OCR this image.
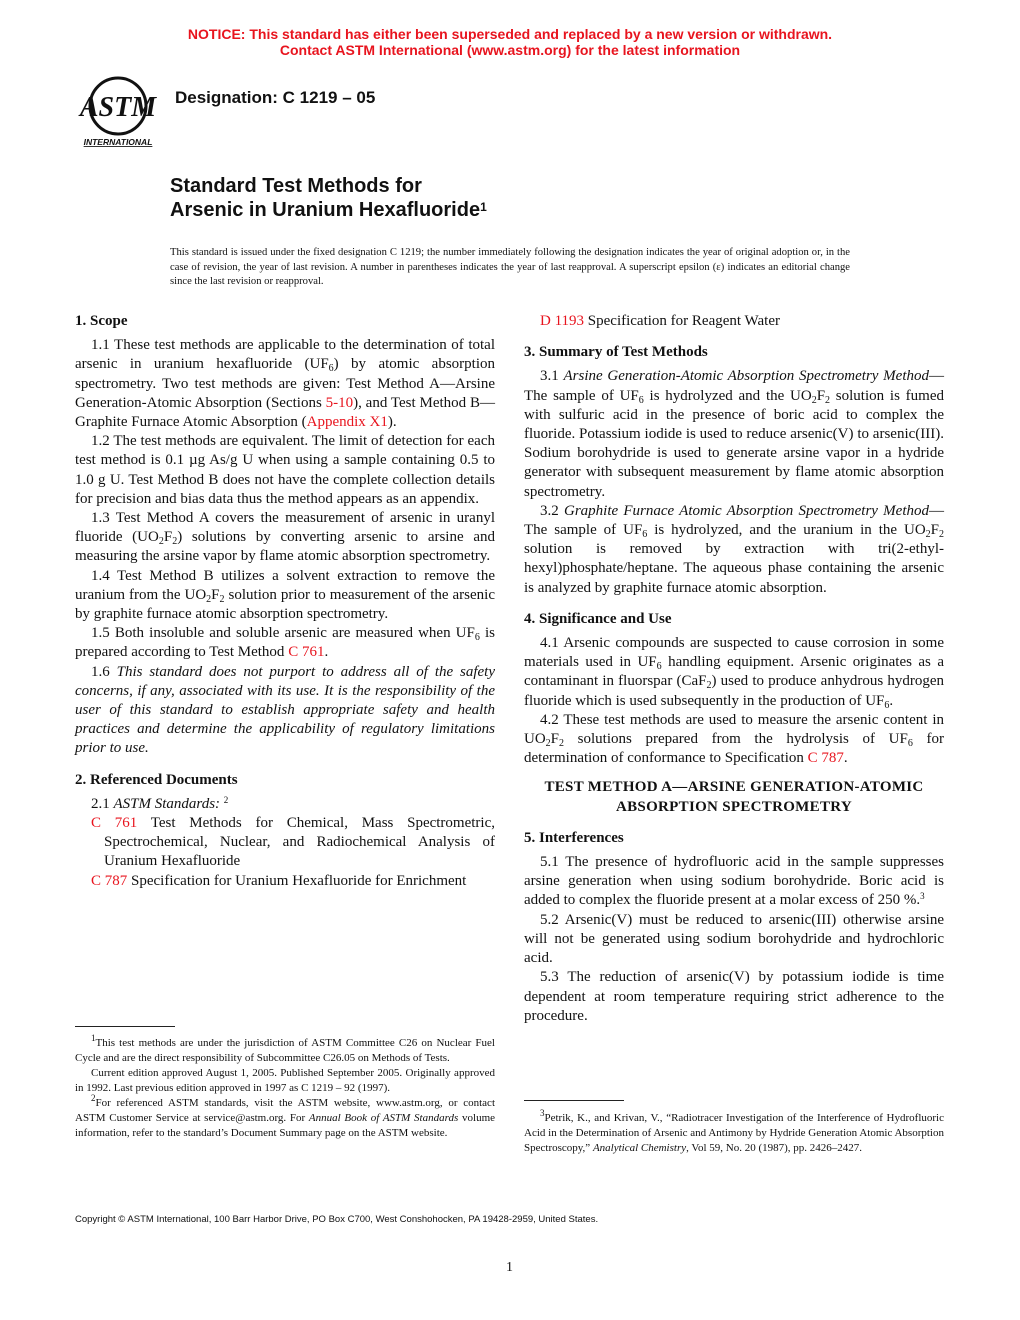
NOTICE: This standard has either been superseded and replaced by a new version or withdrawn.
Contact ASTM International (www.astm.org) for the latest information
ASTM
INTERNATIONAL
Designation: C 1219 – 05
Standard Test Methods for
Arsenic in Uranium Hexafluoride$^1$
This standard is issued under the fixed designation C 1219; the number immediately following the designation indicates the year of original adoption or, in the case of revision, the year of last revision. A number in parentheses indicates the year of last reapproval. A superscript epsilon (ε) indicates an editorial change since the last revision or reapproval.

1. Scope

1.1 These test methods are applicable to the determination of total arsenic in uranium hexafluoride $(UF_6)$ by atomic absorption spectrometry. Two test methods are given: Test Method A—Arsine Generation-Atomic Absorption (Sections 5-10), and Test Method B—Graphite Furnace Atomic Absorption (Appendix X1).

1.2 The test methods are equivalent. The limit of detection for each test method is 0.1 µg As/g U when using a sample containing 0.5 to 1.0 g U. Test Method B does not have the complete collection details for precision and bias data thus the method appears as an appendix.

1.3 Test Method A covers the measurement of arsenic in uranyl fluoride $(UO_2F_2)$ solutions by converting arsenic to arsine and measuring the arsine vapor by flame atomic absorption spectrometry.

1.4 Test Method B utilizes a solvent extraction to remove the uranium from the $UO_2F_2$ solution prior to measurement of the arsenic by graphite furnace atomic absorption spectrometry.

1.5 Both insoluble and soluble arsenic are measured when $UF_6$ is prepared according to Test Method C 761.

1.6 This standard does not purport to address all of the safety concerns, if any, associated with its use. It is the responsibility of the user of this standard to establish appropriate safety and health practices and determine the applicability of regulatory limitations prior to use.

2. Referenced Documents

2.1 ASTM Standards: $^2$

C 761 Test Methods for Chemical, Mass Spectrometric, Spectrochemical, Nuclear, and Radiochemical Analysis of Uranium Hexafluoride

C 787 Specification for Uranium Hexafluoride for Enrichment

D 1193 Specification for Reagent Water

3. Summary of Test Methods

3.1 Arsine Generation-Atomic Absorption Spectrometry Method—The sample of $UF_6$ is hydrolyzed and the $UO_2F_2$ solution is fumed with sulfuric acid in the presence of boric acid to complex the fluoride. Potassium iodide is used to reduce arsenic(V) to arsenic(III). Sodium borohydride is used to generate arsine vapor in a hydride generator with subsequent measurement by flame atomic absorption spectrometry.

3.2 Graphite Furnace Atomic Absorption Spectrometry Method—The sample of $UF_6$ is hydrolyzed, and the uranium in the $UO_2F_2$ solution is removed by extraction with tri(2-ethyl-hexyl)phosphate/heptane. The aqueous phase containing the arsenic is analyzed by graphite furnace atomic absorption.

4. Significance and Use

4.1 Arsenic compounds are suspected to cause corrosion in some materials used in $UF_6$ handling equipment. Arsenic originates as a contaminant in fluorspar (CaF$_2$) used to produce anhydrous hydrogen fluoride which is used subsequently in the production of $UF_6$.

4.2 These test methods are used to measure the arsenic content in $UO_2F_2$ solutions prepared from the hydrolysis of $UF_6$ for determination of conformance to Specification C 787.

TEST METHOD A—ARSINE GENERATION-ATOMIC ABSORPTION SPECTROMETRY

5. Interferences

5.1 The presence of hydrofluoric acid in the sample suppresses arsine generation when using sodium borohydride. Boric acid is added to complex the fluoride present at a molar excess of 250 %.$^3$

5.2 Arsenic(V) must be reduced to arsenic(III) otherwise arsine will not be generated using sodium borohydride and hydrochloric acid.

5.3 The reduction of arsenic(V) by potassium iodide is time dependent at room temperature requiring strict adherence to the procedure.

$^1$This test methods are under the jurisdiction of ASTM Committee C26 on Nuclear Fuel Cycle and are the direct responsibility of Subcommittee C26.05 on Methods of Tests.

Current edition approved August 1, 2005. Published September 2005. Originally approved in 1992. Last previous edition approved in 1997 as C 1219 – 92 (1997).

$^2$For referenced ASTM standards, visit the ASTM website, www.astm.org, or contact ASTM Customer Service at service@astm.org. For Annual Book of ASTM Standards volume information, refer to the standard’s Document Summary page on the ASTM website.

$^3$Petrik, K., and Krivan, V., “Radiotracer Investigation of the Interference of Hydrofluoric Acid in the Determination of Arsenic and Antimony by Hydride Generation Atomic Absorption Spectroscopy,” Analytical Chemistry, Vol 59, No. 20 (1987), pp. 2426–2427.

Copyright © ASTM International, 100 Barr Harbor Drive, PO Box C700, West Conshohocken, PA 19428-2959, United States.
1
